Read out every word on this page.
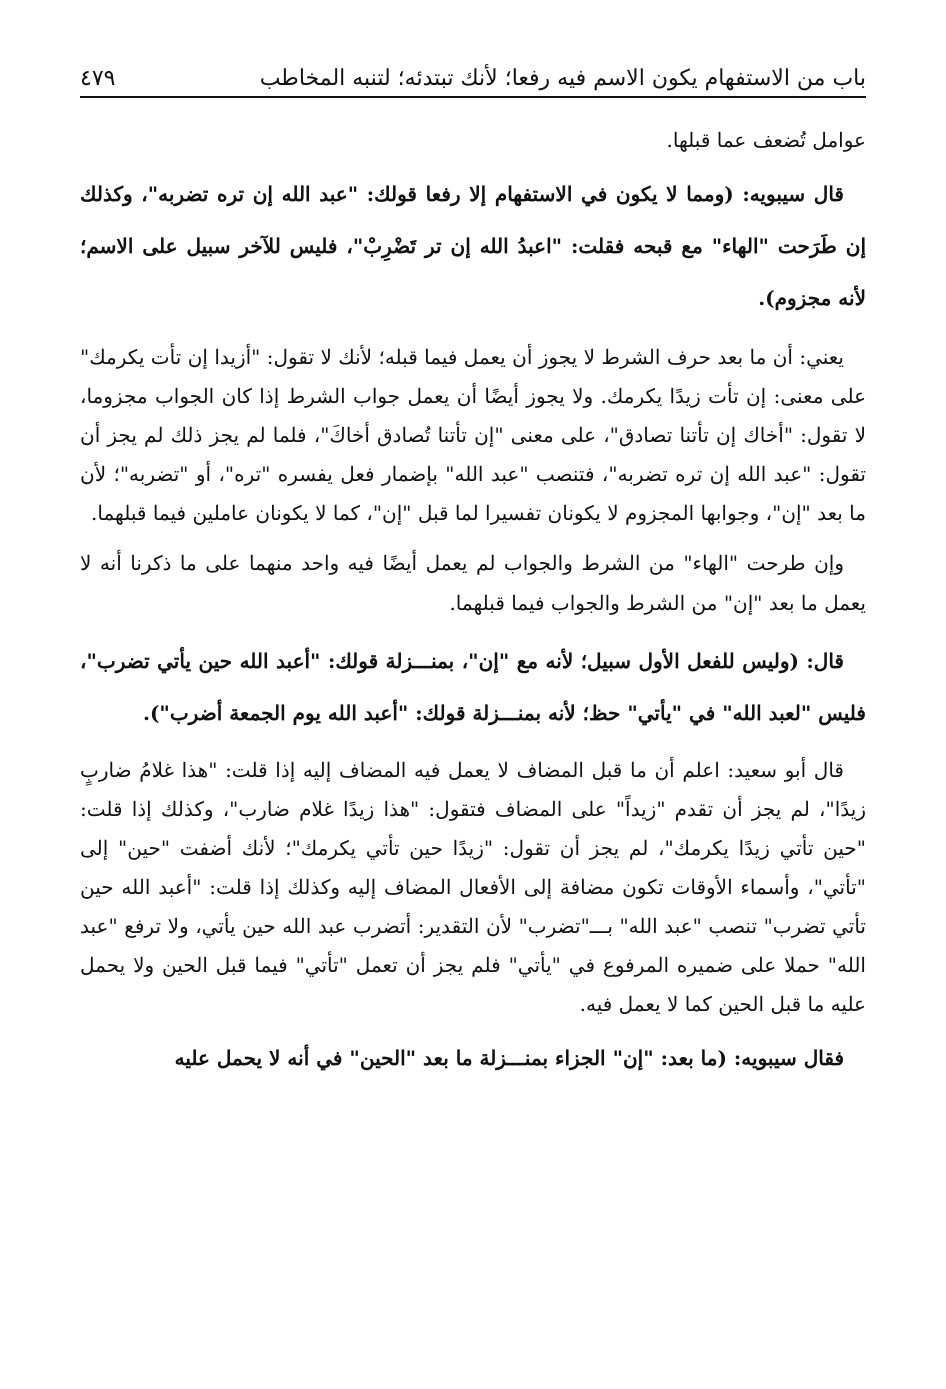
باب من الاستفهام يكون الاسم فيه رفعا؛ لأنك تبتدئه؛ لتنبه المخاطب
٤٧٩

عوامل تُضعف عما قبلها.

قال سيبويه: (ومما لا يكون في الاستفهام إلا رفعا قولك: "عبد الله إن تره تضربه"، وكذلك إن طَرَحت "الهاء" مع قبحه فقلت: "اعبدُ الله إن تر تَضْرِبْ"، فليس للآخر سبيل على الاسم؛ لأنه مجزوم).

يعني: أن ما بعد حرف الشرط لا يجوز أن يعمل فيما قبله؛ لأنك لا تقول: "أزيدا إن تأت يكرمك" على معنى: إن تأت زيدًا يكرمك. ولا يجوز أيضًا أن يعمل جواب الشرط إذا كان الجواب مجزوما، لا تقول: "أخاك إن تأتنا تصادق"، على معنى "إن تأتنا تُصادق أخاكَ"، فلما لم يجز ذلك لم يجز أن تقول: "عبد الله إن تره تضربه"، فتنصب "عبد الله" بإضمار فعل يفسره "تره"، أو "تضربه"؛ لأن ما بعد "إن"، وجوابها المجزوم لا يكونان تفسيرا لما قبل "إن"، كما لا يكونان عاملين فيما قبلهما.

وإن طرحت "الهاء" من الشرط والجواب لم يعمل أيضًا فيه واحد منهما على ما ذكرنا أنه لا يعمل ما بعد "إن" من الشرط والجواب فيما قبلهما.

قال: (وليس للفعل الأول سبيل؛ لأنه مع "إن"، بمنـــزلة قولك: "أعبد الله حين يأتي تضرب"، فليس "لعبد الله" في "يأتي" حظ؛ لأنه بمنـــزلة قولك: "أعبد الله يوم الجمعة أضرب").

قال أبو سعيد: اعلم أن ما قبل المضاف لا يعمل فيه المضاف إليه إذا قلت: "هذا غلامُ ضاربٍ زيدًا"، لم يجز أن تقدم "زيداً" على المضاف فتقول: "هذا زيدًا غلام ضارب"، وكذلك إذا قلت: "حين تأتي زيدًا يكرمك"، لم يجز أن تقول: "زيدًا حين تأتي يكرمك"؛ لأنك أضفت "حين" إلى "تأتي"، وأسماء الأوقات تكون مضافة إلى الأفعال المضاف إليه وكذلك إذا قلت: "أعبد الله حين تأتي تضرب" تنصب "عبد الله" بـــ"تضرب" لأن التقدير: أتضرب عبد الله حين يأتي، ولا ترفع "عبد الله" حملا على ضميره المرفوع في "يأتي" فلم يجز أن تعمل "تأتي" فيما قبل الحين ولا يحمل عليه ما قبل الحين كما لا يعمل فيه.

فقال سيبويه: (ما بعد: "إن" الجزاء بمنـــزلة ما بعد "الحين" في أنه لا يحمل عليه
